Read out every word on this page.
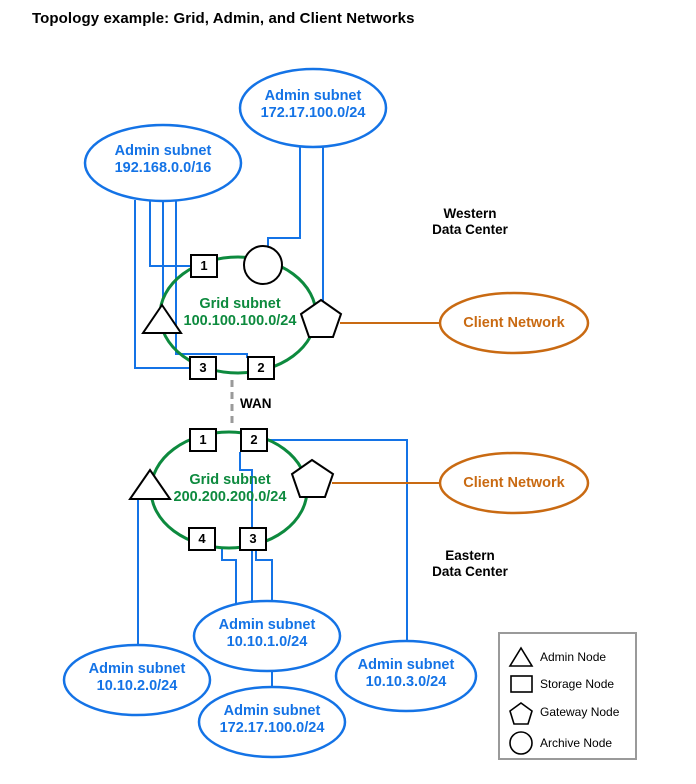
Topology example: Grid, Admin, and Client Networks
Admin subnet
172.17.100.0/24
Admin subnet
192.168.0.0/16
Western
Data Center
Grid subnet
100.100.100.0/24
1
2
3
Client Network
WAN
Grid subnet
200.200.200.0/24
1	2
3
4
Client Network
Eastern
Data Center
Admin subnet
10.10.1.0/24
Admin subnet
10.10.2.0/24
Admin subnet
10.10.3.0/24
Admin subnet
172.17.100.0/24
Admin Node
Storage Node
Gateway Node
Archive Node
